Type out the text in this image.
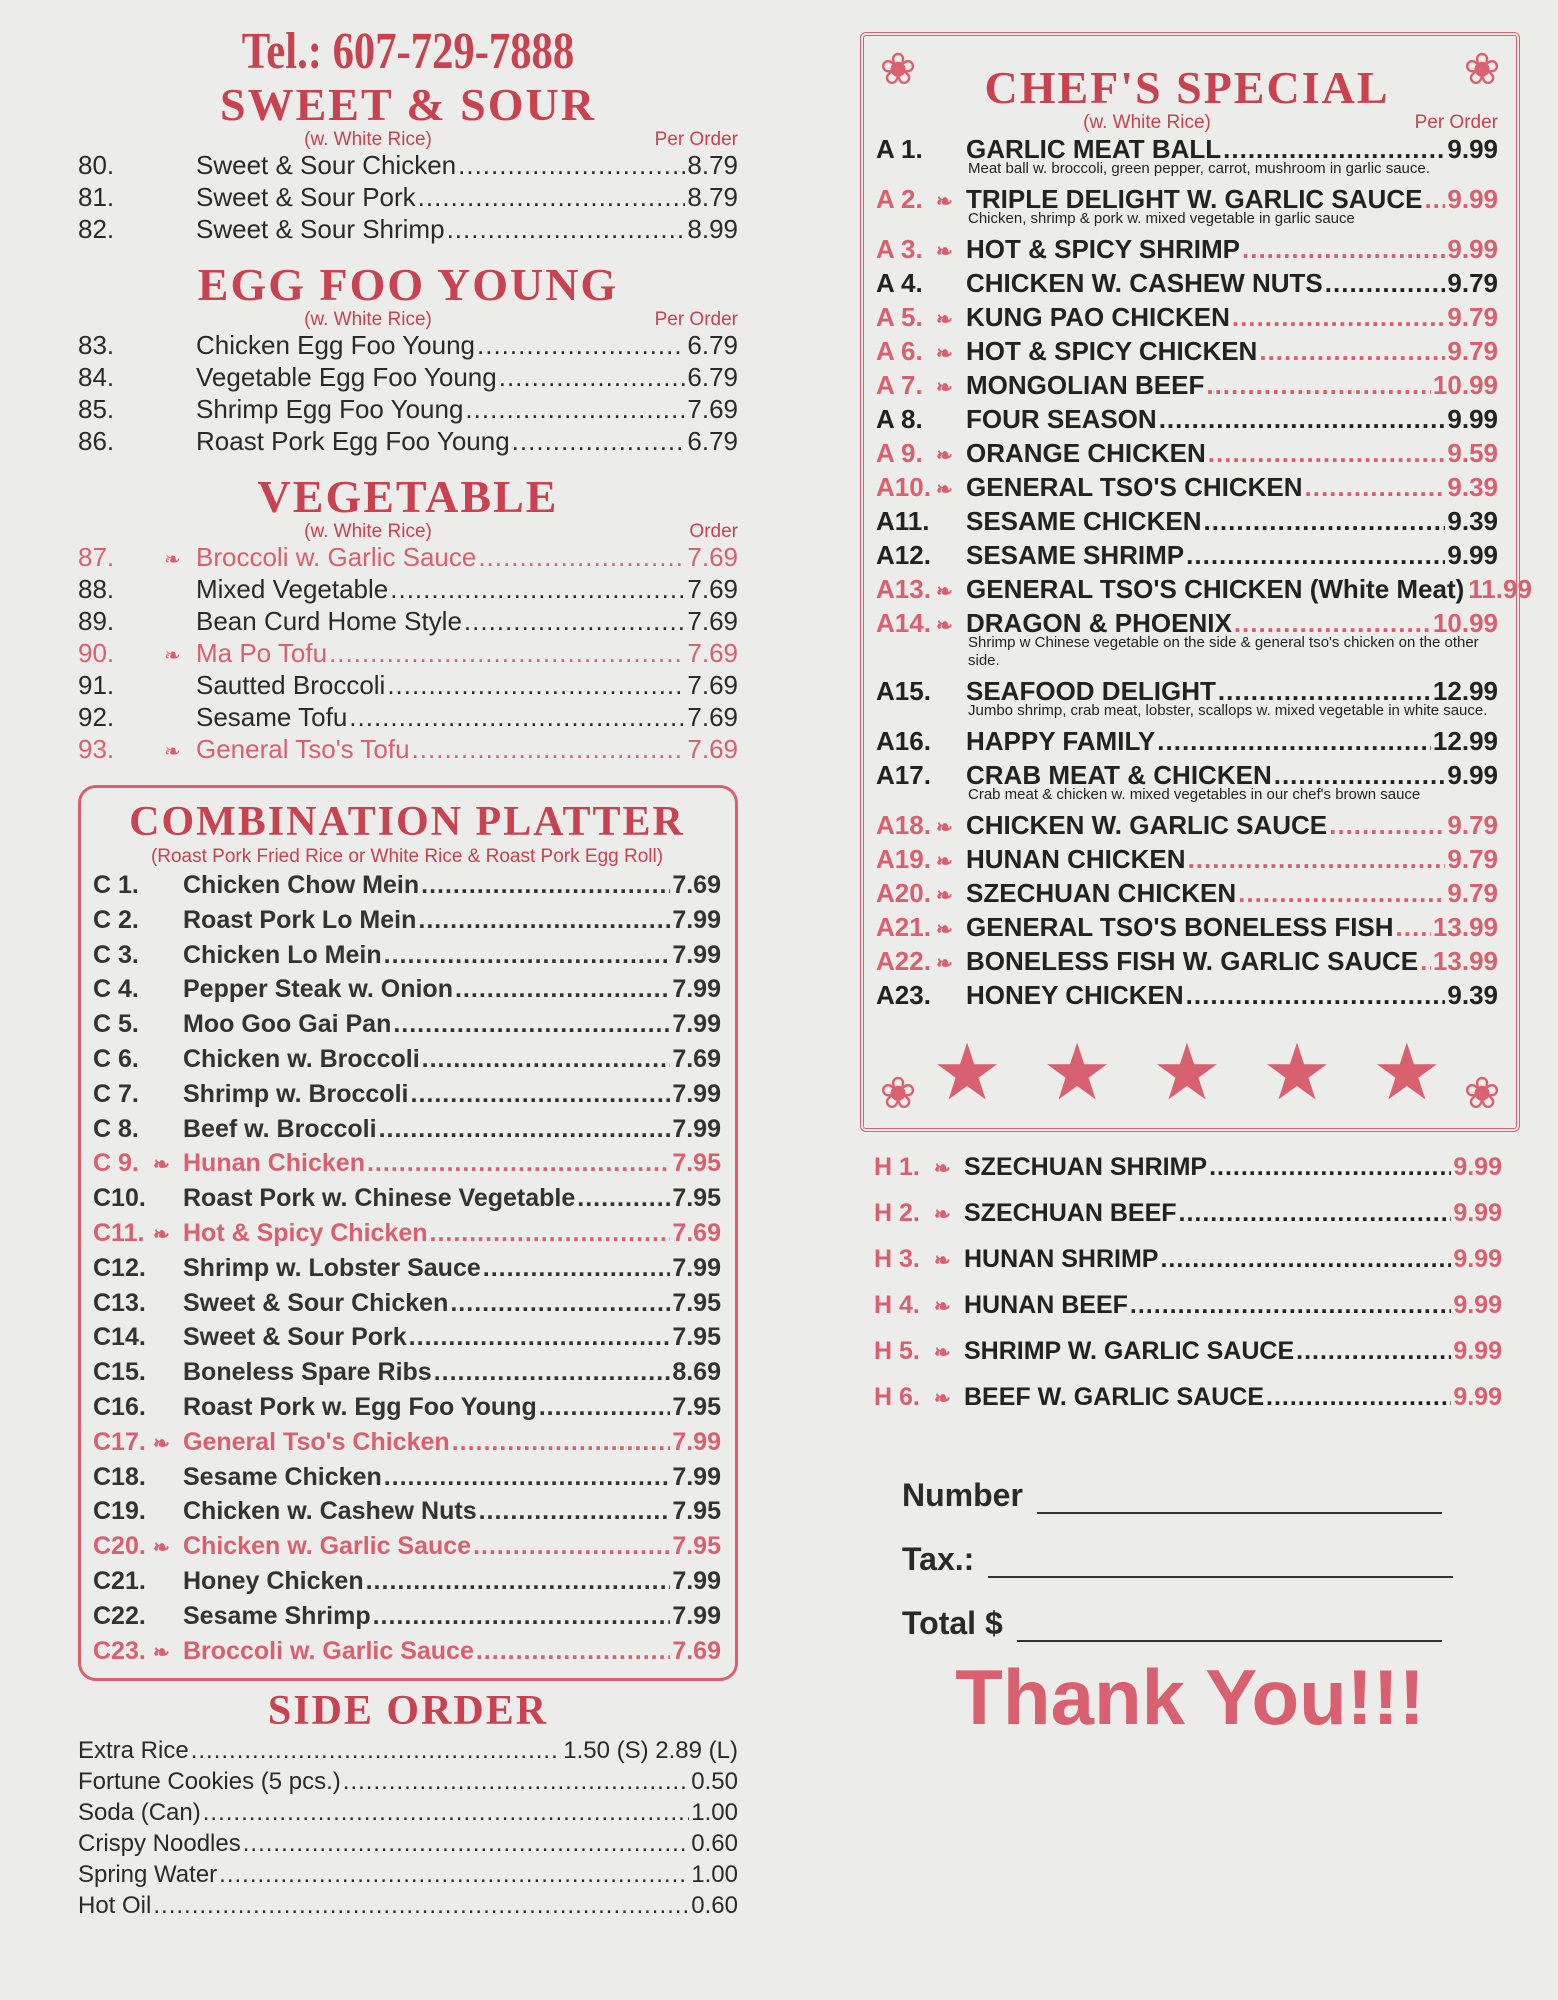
Tel.: 607-729-7888
SWEET & SOUR
(w. White Rice)	Per Order
80.	Sweet & Sour Chicken .....	8.79
81.	Sweet & Sour Pork .....	8.79
82.	Sweet & Sour Shrimp .....	8.99
EGG FOO YOUNG
(w. White Rice)	Per Order
83.	Chicken Egg Foo Young .....	6.79
84.	Vegetable Egg Foo Young .....	6.79
85.	Shrimp Egg Foo Young .....	7.69
86.	Roast Pork Egg Foo Young .....	6.79
VEGETABLE
(w. White Rice)	Order
87.	❧ Broccoli w. Garlic Sauce .....	7.69
88.	Mixed Vegetable .....	7.69
89.	Bean Curd Home Style .....	7.69
90.	❧ Ma Po Tofu .....	7.69
91.	Sautted Broccoli .....	7.69
92.	Sesame Tofu .....	7.69
93.	❧ General Tso's Tofu .....	7.69
COMBINATION PLATTER
(Roast Pork Fried Rice or White Rice & Roast Pork Egg Roll)
C 1.	Chicken Chow Mein .....	7.69
C 2.	Roast Pork Lo Mein .....	7.99
C 3.	Chicken Lo Mein .....	7.99
C 4.	Pepper Steak w. Onion .....	7.99
C 5.	Moo Goo Gai Pan .....	7.99
C 6.	Chicken w. Broccoli .....	7.69
C 7.	Shrimp w. Broccoli .....	7.99
C 8.	Beef w. Broccoli .....	7.99
C 9. ❧ Hunan Chicken .....	7.95
C10. Roast Pork w. Chinese Vegetable .....	7.95
C11. ❧ Hot & Spicy Chicken .....	7.69
C12. Shrimp w. Lobster Sauce .....	7.99
C13. Sweet & Sour Chicken .....	7.95
C14. Sweet & Sour Pork .....	7.95
C15. Boneless Spare Ribs .....	8.69
C16. Roast Pork w. Egg Foo Young .....	7.95
C17. ❧ General Tso's Chicken .....	7.99
C18. Sesame Chicken .....	7.99
C19. Chicken w. Cashew Nuts .....	7.95
C20. ❧ Chicken w. Garlic Sauce .....	7.95
C21. Honey Chicken .....	7.99
C22. Sesame Shrimp .....	7.99
C23. ❧ Broccoli w. Garlic Sauce .....	7.69
SIDE ORDER
Extra Rice .....	1.50 (S) 2.89 (L)
Fortune Cookies (5 pcs.) .....	0.50
Soda (Can) .....	1.00
Crispy Noodles .....	0.60
Spring Water .....	1.00
Hot Oil .....	0.60
❀	❀
❀	❀
CHEF'S SPECIAL
(w. White Rice)	Per Order
A 1.	GARLIC MEAT BALL .....	9.99
Meat ball w. broccoli, green pepper, carrot, mushroom in garlic sauce.
A 2. ❧ TRIPLE DELIGHT W. GARLIC SAUCE ..... 9.99
Chicken, shrimp & pork w. mixed vegetable in garlic sauce
A 3. ❧ HOT & SPICY SHRIMP .....	9.99
A 4.	CHICKEN W. CASHEW NUTS .....	9.79
A 5. ❧ KUNG PAO CHICKEN .....	9.79
A 6. ❧ HOT & SPICY CHICKEN .....	9.79
A 7. ❧ MONGOLIAN BEEF .....	10.99
A 8.	FOUR SEASON .....	9.99
A 9. ❧ ORANGE CHICKEN .....	9.59
A10. ❧ GENERAL TSO'S CHICKEN .....	9.39
A11. SESAME CHICKEN .....	9.39
A12. SESAME SHRIMP .....	9.99
A13. ❧ GENERAL TSO'S CHICKEN (White Meat) 11.99
A14. ❧ DRAGON & PHOENIX .....	10.99
Shrimp w Chinese vegetable on the side & general tso's chicken on the other side.
A15. SEAFOOD DELIGHT .....	12.99
Jumbo shrimp, crab meat, lobster, scallops w. mixed vegetable in white sauce.
A16. HAPPY FAMILY .....	12.99
A17. CRAB MEAT & CHICKEN .....	9.99
Crab meat & chicken w. mixed vegetables in our chef's brown sauce
A18. ❧ CHICKEN W. GARLIC SAUCE .....	9.79
A19. ❧ HUNAN CHICKEN .....	9.79
A20. ❧ SZECHUAN CHICKEN .....	9.79
A21. ❧ GENERAL TSO'S BONELESS FISH ..... 13.99
A22. ❧ BONELESS FISH W. GARLIC SAUCE ..... 13.99
A23. HONEY CHICKEN .....	9.39
★ ★ ★ ★ ★
H 1. ❧ SZECHUAN SHRIMP .....	9.99
H 2. ❧ SZECHUAN BEEF .....	9.99
H 3. ❧ HUNAN SHRIMP .....	9.99
H 4. ❧ HUNAN BEEF .....	9.99
H 5. ❧ SHRIMP W. GARLIC SAUCE .....	9.99
H 6. ❧ BEEF W. GARLIC SAUCE .....	9.99
Number
Tax.:
Total $
Thank You!!!
